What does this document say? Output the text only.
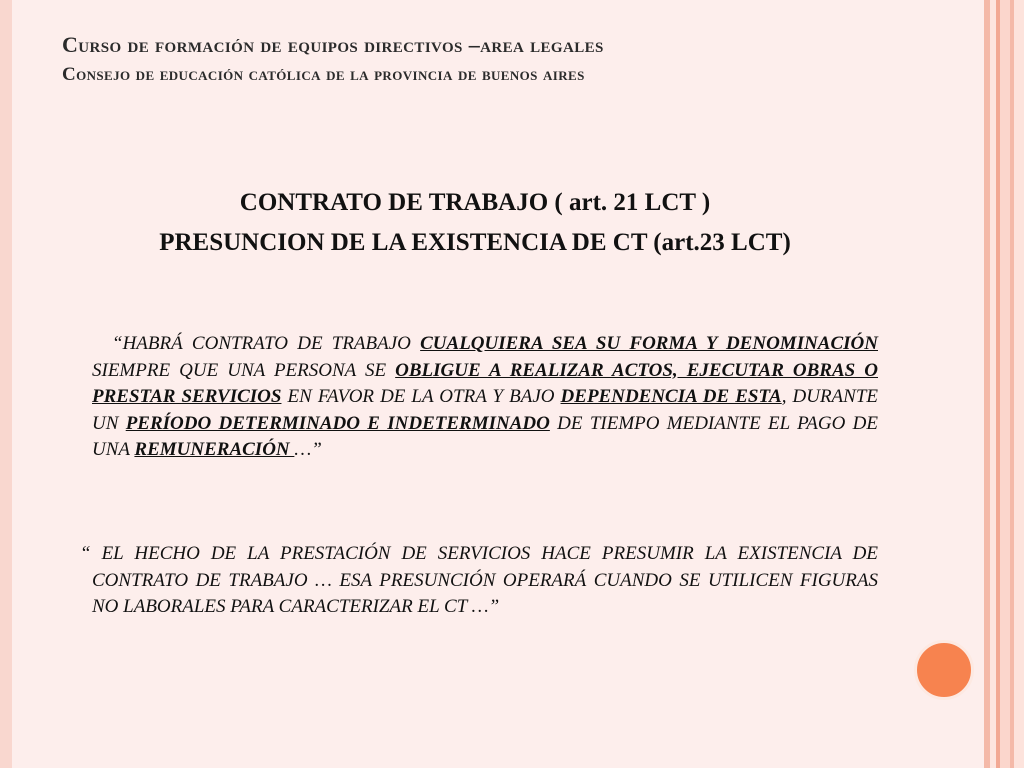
Curso de formación de equipos directivos –area legales
Consejo de educación católica de la provincia de buenos aires
CONTRATO DE TRABAJO ( art. 21 LCT )
PRESUNCION DE LA EXISTENCIA DE CT (art.23 LCT)
“HABRÁ CONTRATO DE TRABAJO CUALQUIERA SEA SU FORMA Y DENOMINACIÓN SIEMPRE QUE UNA PERSONA SE OBLIGUE A REALIZAR ACTOS, EJECUTAR OBRAS O PRESTAR SERVICIOS EN FAVOR DE LA OTRA Y BAJO DEPENDENCIA DE ESTA, DURANTE UN PERÍODO DETERMINADO E INDETERMINADO DE TIEMPO MEDIANTE EL PAGO DE UNA REMUNERACIÓN …”
“ EL HECHO DE LA PRESTACIÓN DE SERVICIOS HACE PRESUMIR LA EXISTENCIA DE CONTRATO DE TRABAJO … ESA PRESUNCIÓN OPERARÁ CUANDO SE UTILICEN FIGURAS NO LABORALES PARA CARACTERIZAR EL CT …”
